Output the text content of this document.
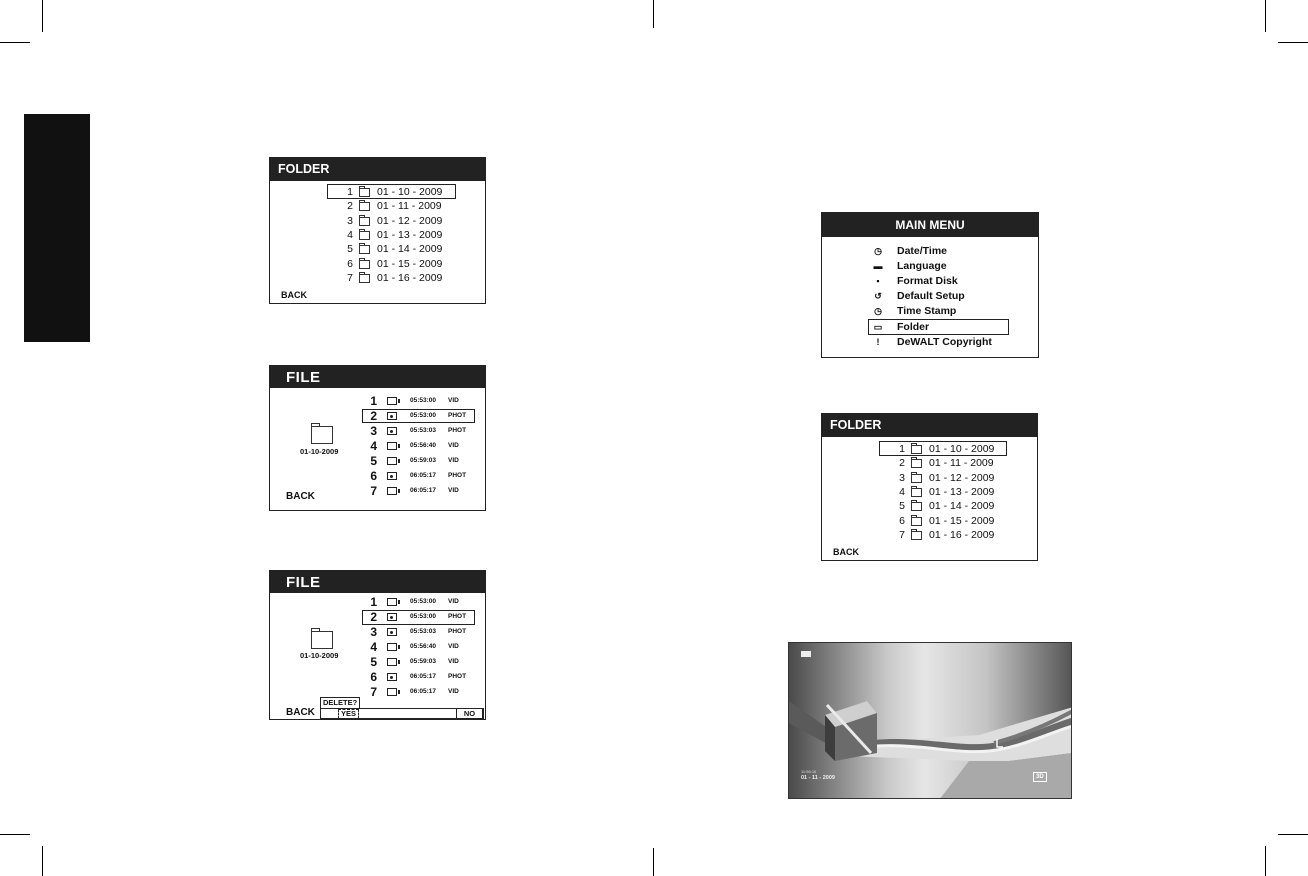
FOLDER
1 01 - 10 - 2009
2 01 - 11 - 2009
3 01 - 12 - 2009
4 01 - 13 - 2009
5 01 - 14 - 2009
6 01 - 15 - 2009
7 01 - 16 - 2009
BACK
FILE
01-10-2009
1	05:53:00 VID
2	05:53:00 PHOT
3	05:53:03 PHOT
4	05:56:40 VID
5	05:59:03 VID
6	06:05:17 PHOT
7	06:05:17 VID
BACK
FILE
01-10-2009
1	05:53:00 VID
2	05:53:00 PHOT
3	05:53:03 PHOT
4	05:56:40 VID
5	05:59:03 VID
6	06:05:17 PHOT
7	06:05:17 VID
BACK
DELETE?
YES	NO
MAIN MENU
◷ Date/Time
▬ Language
▪	Format Disk
↺ Default Setup
◷ Time Stamp
▭ Folder
!	DeWALT Copyright
FOLDER
1 01 - 10 - 2009
2 01 - 11 - 2009
3 01 - 12 - 2009
4 01 - 13 - 2009
5 01 - 14 - 2009
6 01 - 15 - 2009
7 01 - 16 - 2009
BACK
11:56:16
01 - 11 - 2009	3D
